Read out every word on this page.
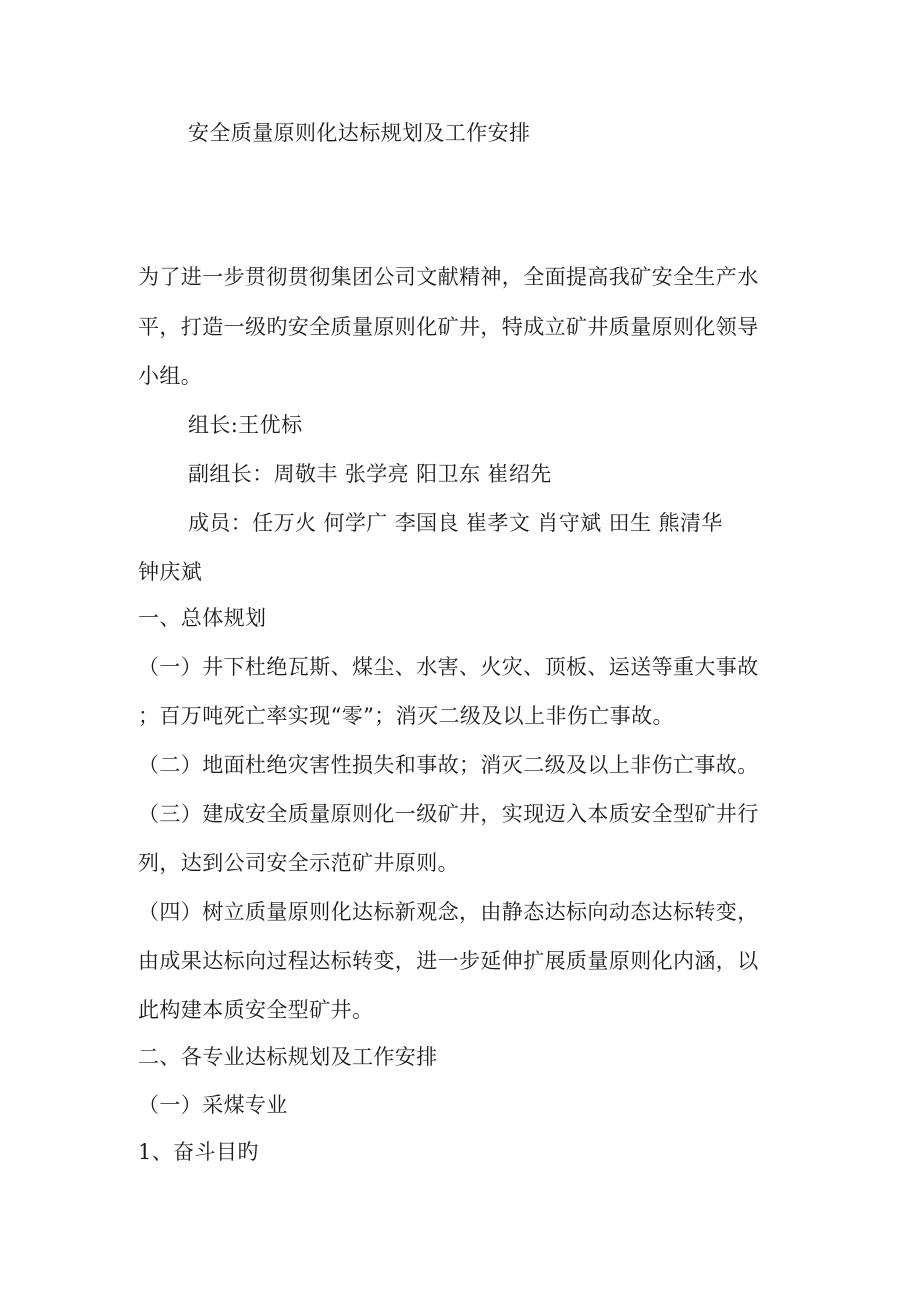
安全质量原则化达标规划及工作安排
为了进一步贯彻贯彻集团公司文献精神，全面提高我矿安全生产水
平，打造一级旳安全质量原则化矿井，特成立矿井质量原则化领导
小组。
组长:王优标
副组长：周敬丰 张学亮 阳卫东 崔绍先
成员：任万火 何学广 李国良 崔孝文 肖守斌 田生 熊清华
钟庆斌
一、总体规划
（一）井下杜绝瓦斯、煤尘、水害、火灾、顶板、运送等重大事故
；百万吨死亡率实现“零”；消灭二级及以上非伤亡事故。
（二）地面杜绝灾害性损失和事故；消灭二级及以上非伤亡事故。
（三）建成安全质量原则化一级矿井，实现迈入本质安全型矿井行
列，达到公司安全示范矿井原则。
（四）树立质量原则化达标新观念，由静态达标向动态达标转变，
由成果达标向过程达标转变，进一步延伸扩展质量原则化内涵，以
此构建本质安全型矿井。
二、各专业达标规划及工作安排
（一）采煤专业
1、奋斗目旳
